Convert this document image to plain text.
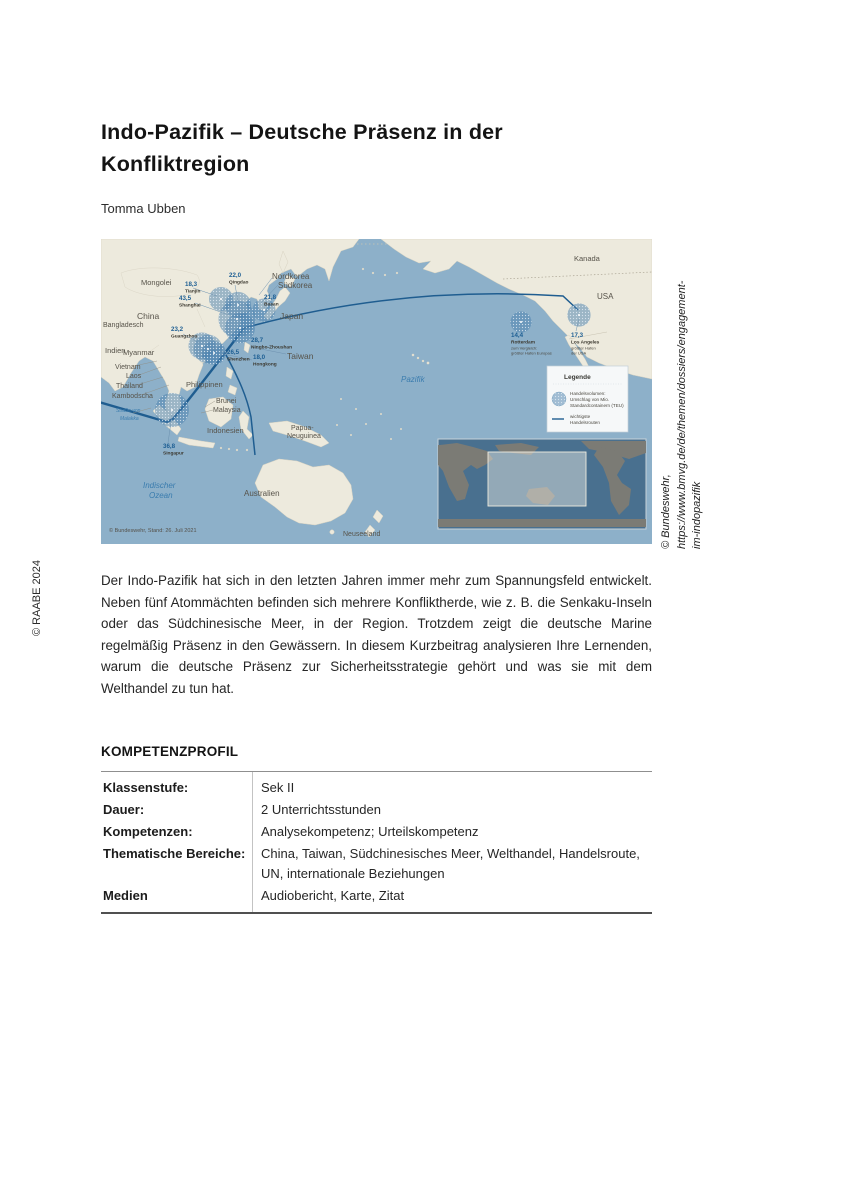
© RAABE 2024
© Bundeswehr, https://www.bmvg.de/de/themen/dossiers/engagement- im-indopazifik
Indo-Pazifik – Deutsche Präsenz in der Konfliktregion

Tomma Ubben

Mongolei
China
Bangladesch
Indien
Myanmar
Vietnam
Laos
Thailand
Kambodscha
Nordkorea
Südkorea
Japan
Taiwan
Philippinen
Brunei
Malaysia
Indonesien	Papua-
Neuguinea
Australien
Neuseeland
Kanada
USA
Pazifik
Indischer
Ozean
Straße von
Malakka
18,3
Tianjin
22,0
Qingdao
43,5
Shanghai
21,8
Busan
23,2
Guangzhou	28,7
Ningbo-Zhoushan
26,5
Shenzhen 18,0
Hongkong
36,8
Singapur
14,4
Rotterdam
zum Vergleich:
größter Hafen Europas
17,3
Los Angeles
größter Hafen
der USA
Legende
Handelsvolumen:
Umschlag von Mio.
Standardcontainern (TEU)
wichtigste
Handelsrouten
© Bundeswehr, Stand: 26. Juli 2021

Der Indo-Pazifik hat sich in den letzten Jahren immer mehr zum Spannungsfeld entwickelt. Neben fünf Atommächten befinden sich mehrere Konfliktherde, wie z. B. die Senkaku-Inseln oder das Südchinesische Meer, in der Region. Trotzdem zeigt die deutsche Marine regelmäßig Präsenz in den Gewässern. In diesem Kurzbeitrag analysieren Ihre Lernenden, warum die deutsche Präsenz zur Sicherheitsstrategie gehört und was sie mit dem Welthandel zu tun hat.

KOMPETENZPROFIL
Klassenstufe:	Sek II
Dauer:	2 Unterrichtsstunden
Kompetenzen:	Analysekompetenz; Urteilskompetenz
Thematische Bereiche:	China, Taiwan, Südchinesisches Meer, Welthandel, Handelsroute, UN, internationale Beziehungen
Medien	Audiobericht, Karte, Zitat
